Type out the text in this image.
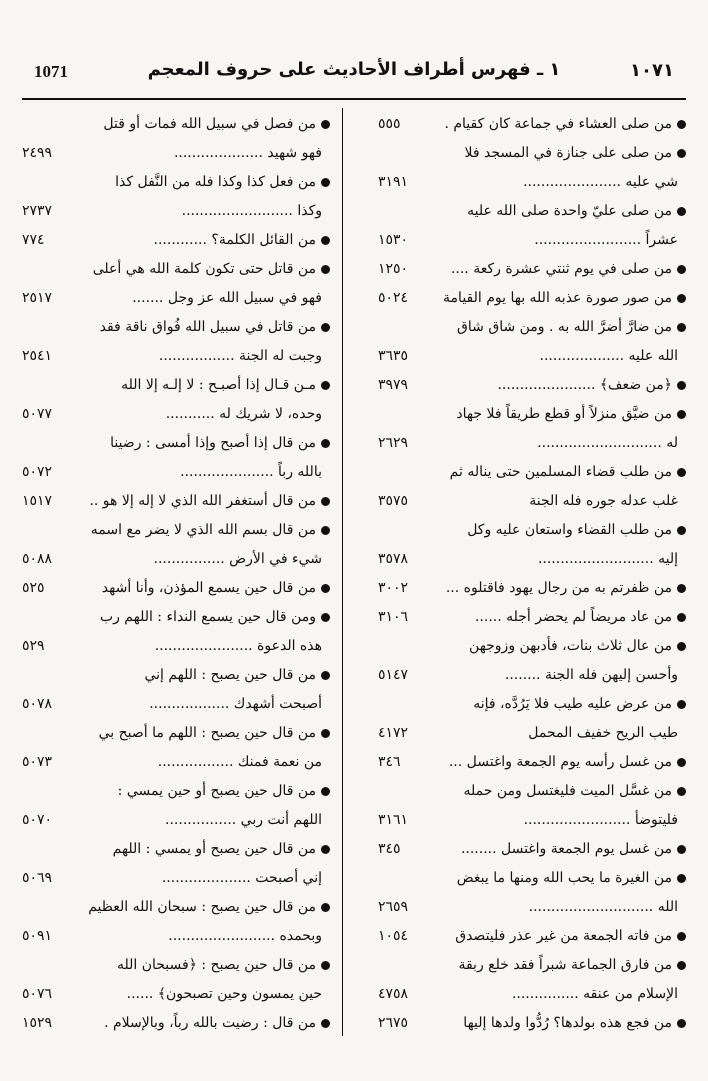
1071	١ ـ فهرس أطراف الأحاديث على حروف المعجم	١٠٧١
من صلى العشاء في جماعة كان كقيام .
٥٥٥
من صلى على جنازة في المسجد فلا
شي عليه ......................
٣١٩١
من صلى عليّ واحدة صلى الله عليه
عشراً ........................
١٥٣٠
من صلى في يوم ثنتي عشرة ركعة ....
١٢٥٠
من صور صورة عذبه الله بها يوم القيامة
٥٠٢٤
من ضارَّ أضرَّ الله به . ومن شاق شاق
الله عليه ...................
٣٦٣٥
﴿من ضعف﴾ ......................
٣٩٧٩
من ضيَّق منزلاً أو قطع طريقاً فلا جهاد
له ............................
٢٦٢٩
من طلب قضاء المسلمين حتى يناله ثم
غلب عدله جوره فله الجنة
٣٥٧٥
من طلب القضاء واستعان عليه وكل
إليه ..........................
٣٥٧٨
من ظفرتم به من رجال يهود فاقتلوه ...
٣٠٠٢
من عاد مريضاً لم يحضر أجله ......
٣١٠٦
من عال ثلاث بنات، فأدبهن وزوجهن
وأحسن إليهن فله الجنة ........
٥١٤٧
من عرض عليه طيب فلا يَرُدَّه، فإنه
طيب الريح خفيف المحمل
٤١٧٢
من غسل رأسه يوم الجمعة واغتسل ...
٣٤٦
من غسَّل الميت فليغتسل ومن حمله
فليتوضأ ........................
٣١٦١
من غسل يوم الجمعة واغتسل ........
٣٤٥
من الغيرة ما يحب الله ومنها ما يبغض
الله ............................
٢٦٥٩
من فاته الجمعة من غير عذر فليتصدق
١٠٥٤
من فارق الجماعة شبراً فقد خلع ربقة
الإسلام من عنقه ...............
٤٧٥٨
من فجع هذه بولدها؟ رُدُّوا ولدها إليها
٢٦٧٥
من فصل في سبيل الله فمات أو قتل
فهو شهيد ....................
٢٤٩٩
من فعل كذا وكذا فله من النَّفل كذا
وكذا .........................
٢٧٣٧
من القائل الكلمة؟ ............
٧٧٤
من قاتل حتى تكون كلمة الله هي أعلى
فهو في سبيل الله عز وجل .......
٢٥١٧
من قاتل في سبيل الله فُواق ناقة فقد
وجبت له الجنة .................
٢٥٤١
مـن قـال إذا أصبـح : لا إلـه إلا الله
وحده، لا شريك له ...........
٥٠٧٧
من قال إذا أصبح وإذا أمسى : رضينا
بالله رباً .....................
٥٠٧٢
من قال أستغفر الله الذي لا إله إلا هو ..
١٥١٧
من قال بسم الله الذي لا يضر مع اسمه
شيء في الأرض ................
٥٠٨٨
من قال حين يسمع المؤذن، وأنا أشهد
٥٢٥
ومن قال حين يسمع النداء : اللهم رب
هذه الدعوة ......................
٥٢٩
من قال حين يصبح : اللهم إني
أصبحت أشهدك ..................
٥٠٧٨
من قال حين يصبح : اللهم ما أصبح بي
من نعمة فمنك .................
٥٠٧٣
من قال حين يصبح أو حين يمسي :
اللهم أنت ربي ................
٥٠٧٠
من قال حين يصبح أو يمسي : اللهم
إني أصبحت ....................
٥٠٦٩
من قال حين يصبح : سبحان الله العظيم
وبحمده ........................
٥٠٩١
من قال حين يصبح : ﴿فسبحان الله
حين يمسون وحين تصبحون﴾ ......
٥٠٧٦
من قال : رضيت بالله رباً، وبالإسلام .
١٥٢٩
